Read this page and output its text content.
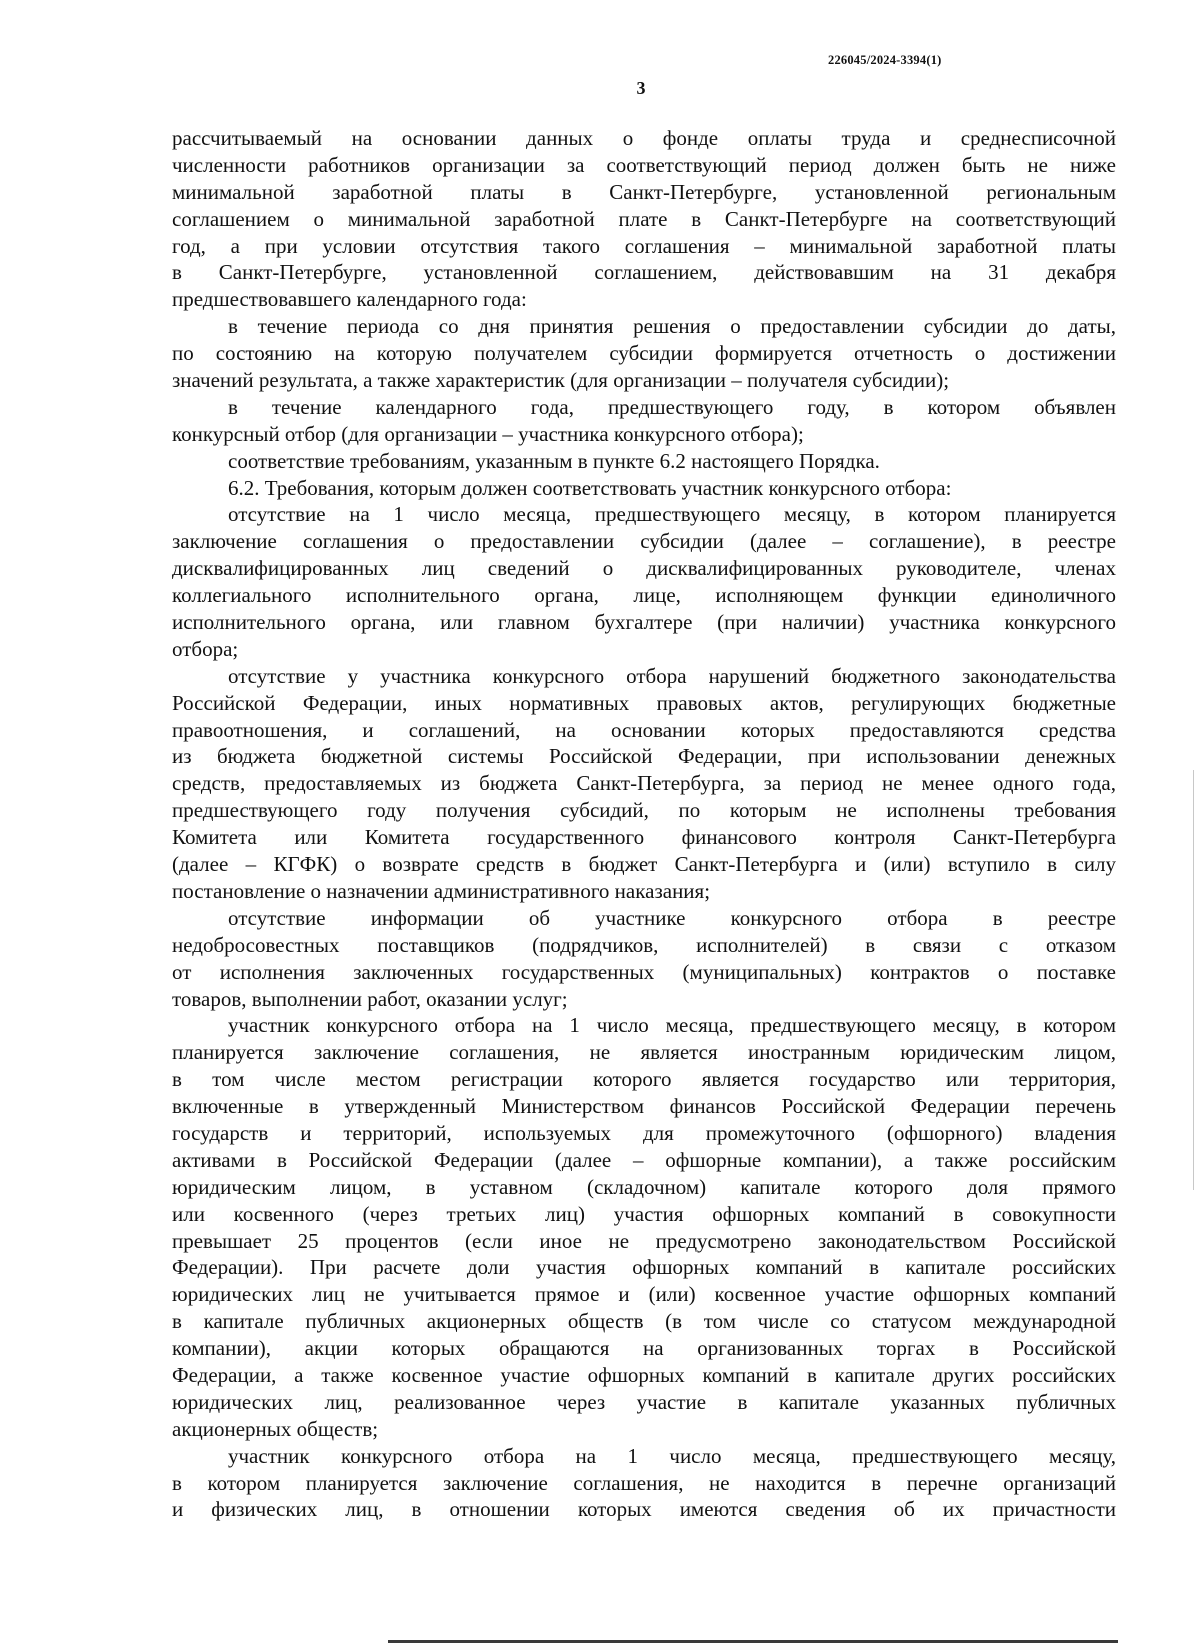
226045/2024-3394(1)
3
рассчитываемый на основании данных о фонде оплаты труда и среднесписочной
численности работников организации за соответствующий период должен быть не ниже
минимальной заработной платы в Санкт-Петербурге, установленной региональным
соглашением о минимальной заработной плате в Санкт-Петербурге на соответствующий
год, а при условии отсутствия такого соглашения – минимальной заработной платы
в Санкт-Петербурге, установленной соглашением, действовавшим на 31 декабря
предшествовавшего календарного года:
в течение периода со дня принятия решения о предоставлении субсидии до даты,
по состоянию на которую получателем субсидии формируется отчетность о достижении
значений результата, а также характеристик (для организации – получателя субсидии);
в течение календарного года, предшествующего году, в котором объявлен
конкурсный отбор (для организации – участника конкурсного отбора);
соответствие требованиям, указанным в пункте 6.2 настоящего Порядка.
6.2. Требования, которым должен соответствовать участник конкурсного отбора:
отсутствие на 1 число месяца, предшествующего месяцу, в котором планируется
заключение соглашения о предоставлении субсидии (далее – соглашение), в реестре
дисквалифицированных лиц сведений о дисквалифицированных руководителе, членах
коллегиального исполнительного органа, лице, исполняющем функции единоличного
исполнительного органа, или главном бухгалтере (при наличии) участника конкурсного
отбора;
отсутствие у участника конкурсного отбора нарушений бюджетного законодательства
Российской Федерации, иных нормативных правовых актов, регулирующих бюджетные
правоотношения, и соглашений, на основании которых предоставляются средства
из бюджета бюджетной системы Российской Федерации, при использовании денежных
средств, предоставляемых из бюджета Санкт-Петербурга, за период не менее одного года,
предшествующего году получения субсидий, по которым не исполнены требования
Комитета или Комитета государственного финансового контроля Санкт-Петербурга
(далее – КГФК) о возврате средств в бюджет Санкт-Петербурга и (или) вступило в силу
постановление о назначении административного наказания;
отсутствие информации об участнике конкурсного отбора в реестре
недобросовестных поставщиков (подрядчиков, исполнителей) в связи с отказом
от исполнения заключенных государственных (муниципальных) контрактов о поставке
товаров, выполнении работ, оказании услуг;
участник конкурсного отбора на 1 число месяца, предшествующего месяцу, в котором
планируется заключение соглашения, не является иностранным юридическим лицом,
в том числе местом регистрации которого является государство или территория,
включенные в утвержденный Министерством финансов Российской Федерации перечень
государств и территорий, используемых для промежуточного (офшорного) владения
активами в Российской Федерации (далее – офшорные компании), а также российским
юридическим лицом, в уставном (складочном) капитале которого доля прямого
или косвенного (через третьих лиц) участия офшорных компаний в совокупности
превышает 25 процентов (если иное не предусмотрено законодательством Российской
Федерации). При расчете доли участия офшорных компаний в капитале российских
юридических лиц не учитывается прямое и (или) косвенное участие офшорных компаний
в капитале публичных акционерных обществ (в том числе со статусом международной
компании), акции которых обращаются на организованных торгах в Российской
Федерации, а также косвенное участие офшорных компаний в капитале других российских
юридических лиц, реализованное через участие в капитале указанных публичных
акционерных обществ;
участник конкурсного отбора на 1 число месяца, предшествующего месяцу,
в котором планируется заключение соглашения, не находится в перечне организаций
и физических лиц, в отношении которых имеются сведения об их причастности
